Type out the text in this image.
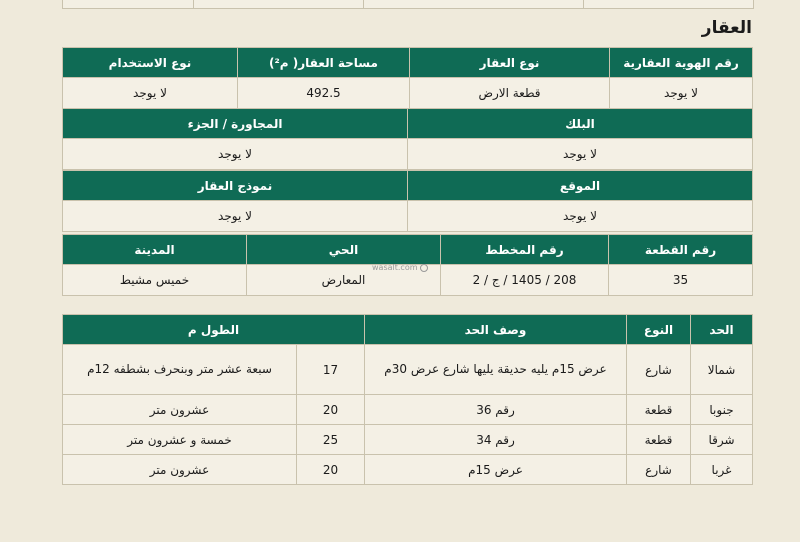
العقار
رقم الهوية العقارية	نوع العقار	مساحة العقار( م²)	نوع الاستخدام
لا يوجد	قطعة الارض	492.5	لا يوجد
البلك	المجاورة / الجزء
لا يوجد	لا يوجد
الموقع	نموذج العقار
لا يوجد	لا يوجد
رقم القطعة	رقم المخطط	الحي	المدينة
35	208 / 1405 / ج / 2	المعارض	خميس مشيط
wasalt.com
الحد	النوع	وصف الحد	الطول م	
شمالا	شارع	عرض 15م يليه حديقة يليها شارع عرض 30م	17	سبعة عشر متر وبنحرف بشطفه 12م
جنوبا	قطعة	رقم 36	20	عشرون متر
شرقا	قطعة	رقم 34	25	خمسة و عشرون متر
غربا	شارع	عرض 15م	20	عشرون متر
